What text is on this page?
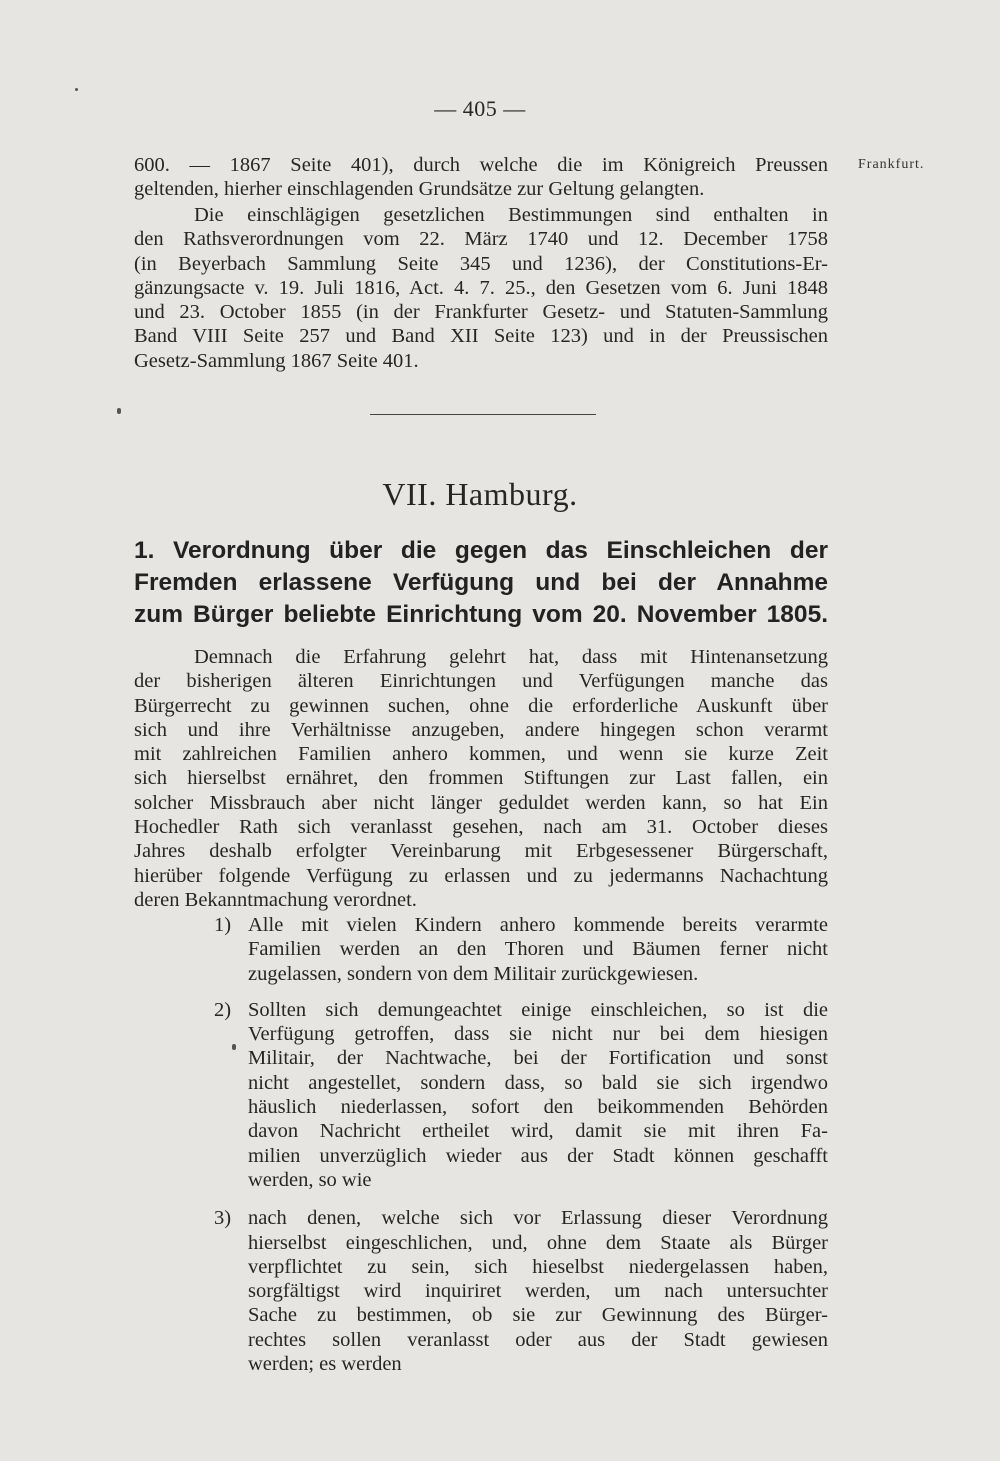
— 405 —
Frankfurt.
600. — 1867 Seite 401), durch welche die im Königreich Preussen
geltenden, hierher einschlagenden Grundsätze zur Geltung gelangten.
Die einschlägigen gesetzlichen Bestimmungen sind enthalten in
den Rathsverordnungen vom 22. März 1740 und 12. December 1758
(in Beyerbach Sammlung Seite 345 und 1236), der Constitutions-Er-
gänzungsacte v. 19. Juli 1816, Act. 4. 7. 25., den Gesetzen vom 6. Juni 1848
und 23. October 1855 (in der Frankfurter Gesetz- und Statuten-Sammlung
Band VIII Seite 257 und Band XII Seite 123) und in der Preussischen
Gesetz-Sammlung 1867 Seite 401.
VII. Hamburg.
1. Verordnung über die gegen das Einschleichen der
Fremden erlassene Verfügung und bei der Annahme
zum Bürger beliebte Einrichtung vom 20. November 1805.
Demnach die Erfahrung gelehrt hat, dass mit Hintenansetzung
der bisherigen älteren Einrichtungen und Verfügungen manche das
Bürgerrecht zu gewinnen suchen, ohne die erforderliche Auskunft über
sich und ihre Verhältnisse anzugeben, andere hingegen schon verarmt
mit zahlreichen Familien anhero kommen, und wenn sie kurze Zeit
sich hierselbst ernähret, den frommen Stiftungen zur Last fallen, ein
solcher Missbrauch aber nicht länger geduldet werden kann, so hat Ein
Hochedler Rath sich veranlasst gesehen, nach am 31. October dieses
Jahres deshalb erfolgter Vereinbarung mit Erbgesessener Bürgerschaft,
hierüber folgende Verfügung zu erlassen und zu jedermanns Nachachtung
deren Bekanntmachung verordnet.
1) Alle mit vielen Kindern anhero kommende bereits verarmte
Familien werden an den Thoren und Bäumen ferner nicht
zugelassen, sondern von dem Militair zurückgewiesen.
2) Sollten sich demungeachtet einige einschleichen, so ist die
Verfügung getroffen, dass sie nicht nur bei dem hiesigen
Militair, der Nachtwache, bei der Fortification und sonst
nicht angestellet, sondern dass, so bald sie sich irgendwo
häuslich niederlassen, sofort den beikommenden Behörden
davon Nachricht ertheilet wird, damit sie mit ihren Fa-
milien unverzüglich wieder aus der Stadt können geschafft
werden, so wie
3) nach denen, welche sich vor Erlassung dieser Verordnung
hierselbst eingeschlichen, und, ohne dem Staate als Bürger
verpflichtet zu sein, sich hieselbst niedergelassen haben,
sorgfältigst wird inquiriret werden, um nach untersuchter
Sache zu bestimmen, ob sie zur Gewinnung des Bürger-
rechtes sollen veranlasst oder aus der Stadt gewiesen
werden; es werden
